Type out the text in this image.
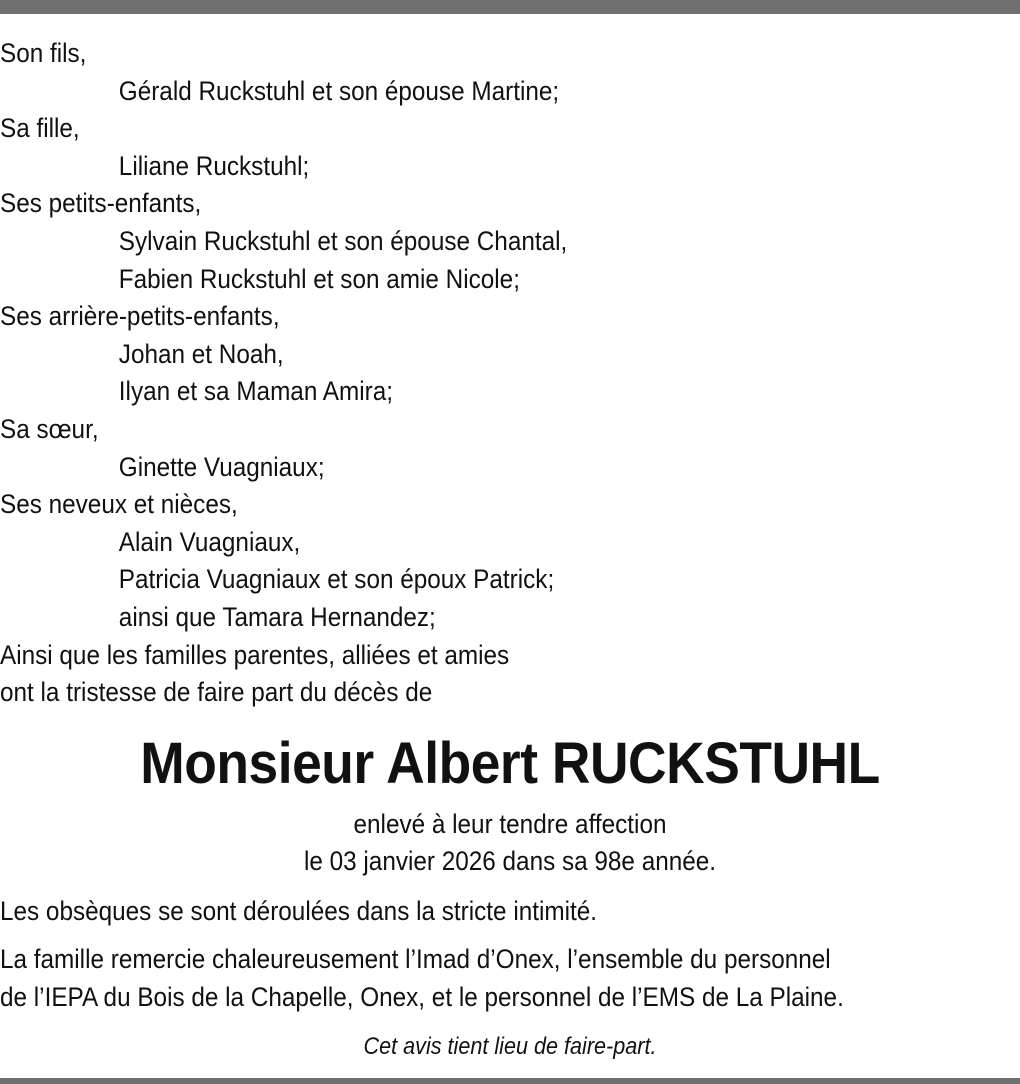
Son fils,
Gérald Ruckstuhl et son épouse Martine;
Sa fille,
Liliane Ruckstuhl;
Ses petits-enfants,
Sylvain Ruckstuhl et son épouse Chantal,
Fabien Ruckstuhl et son amie Nicole;
Ses arrière-petits-enfants,
Johan et Noah,
Ilyan et sa Maman Amira;
Sa sœur,
Ginette Vuagniaux;
Ses neveux et nièces,
Alain Vuagniaux,
Patricia Vuagniaux et son époux Patrick;
ainsi que Tamara Hernandez;
Ainsi que les familles parentes, alliées et amies
ont la tristesse de faire part du décès de
Monsieur Albert RUCKSTUHL
enlevé à leur tendre affection
le 03 janvier 2026 dans sa 98e année.
Les obsèques se sont déroulées dans la stricte intimité.
La famille remercie chaleureusement l’Imad d’Onex, l’ensemble du personnel
de l’IEPA du Bois de la Chapelle, Onex, et le personnel de l’EMS de La Plaine.
Cet avis tient lieu de faire-part.
